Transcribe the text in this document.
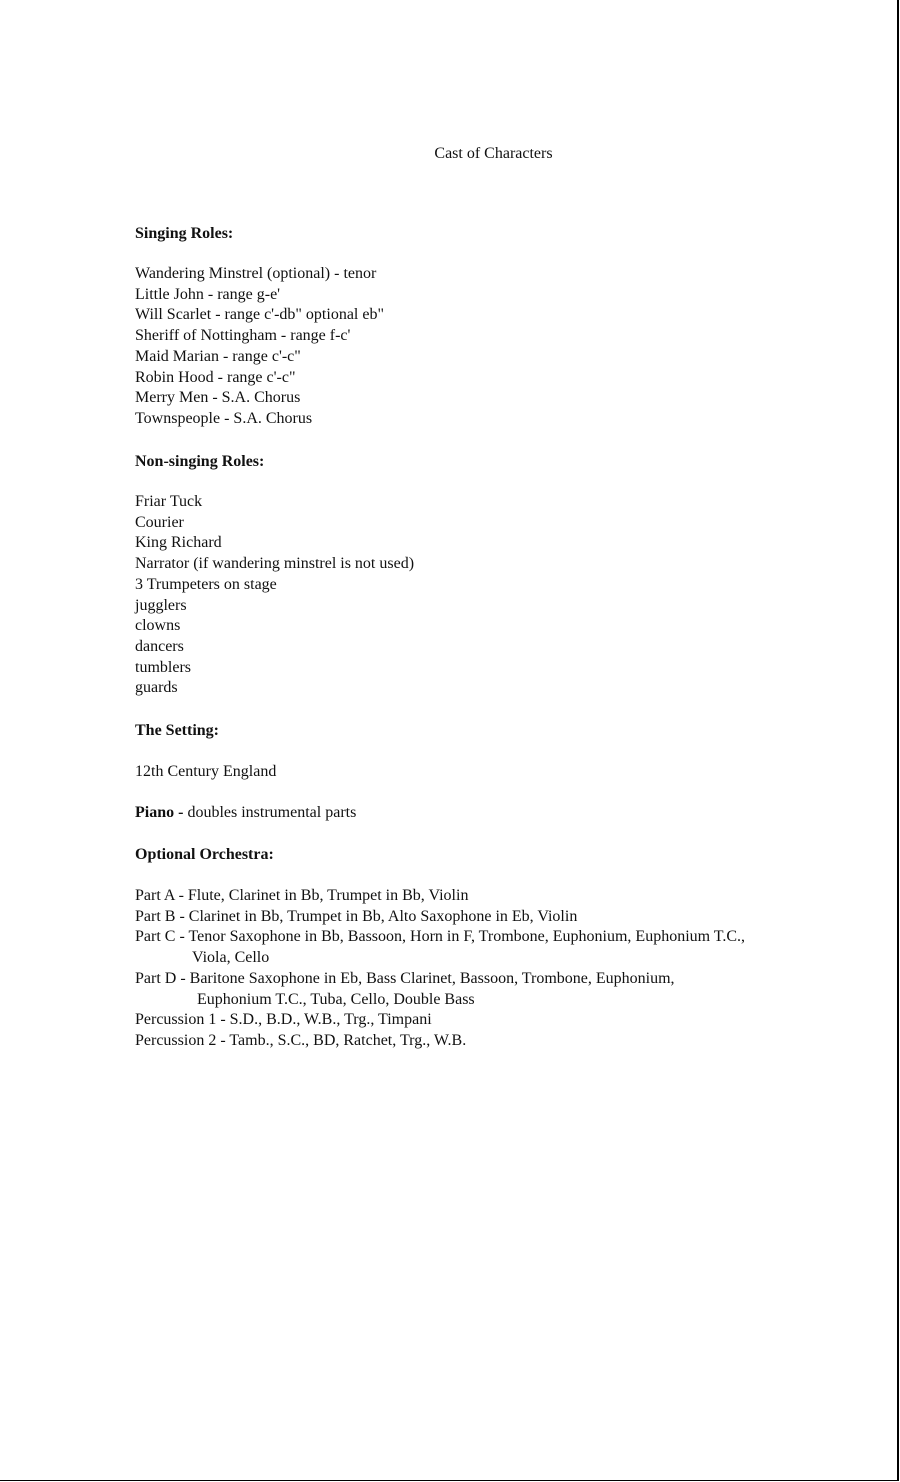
Cast of Characters
Singing Roles:
Wandering Minstrel (optional) - tenor
Little John - range g-e'
Will Scarlet - range c'-db" optional eb"
Sheriff of Nottingham - range f-c'
Maid Marian - range c'-c"
Robin Hood - range c'-c"
Merry Men - S.A. Chorus
Townspeople - S.A. Chorus
Non-singing Roles:
Friar Tuck
Courier
King Richard
Narrator (if wandering minstrel is not used)
3 Trumpeters on stage
jugglers
clowns
dancers
tumblers
guards
The Setting:
12th Century England
Piano - doubles instrumental parts
Optional Orchestra:
Part A - Flute, Clarinet in Bb, Trumpet in Bb, Violin
Part B - Clarinet in Bb, Trumpet in Bb, Alto Saxophone in Eb, Violin
Part C - Tenor Saxophone in Bb, Bassoon, Horn in F, Trombone, Euphonium, Euphonium T.C.,
Viola, Cello
Part D - Baritone Saxophone in Eb, Bass Clarinet, Bassoon, Trombone, Euphonium,
Euphonium T.C., Tuba, Cello, Double Bass
Percussion 1 - S.D., B.D., W.B., Trg., Timpani
Percussion 2 - Tamb., S.C., BD, Ratchet, Trg., W.B.
